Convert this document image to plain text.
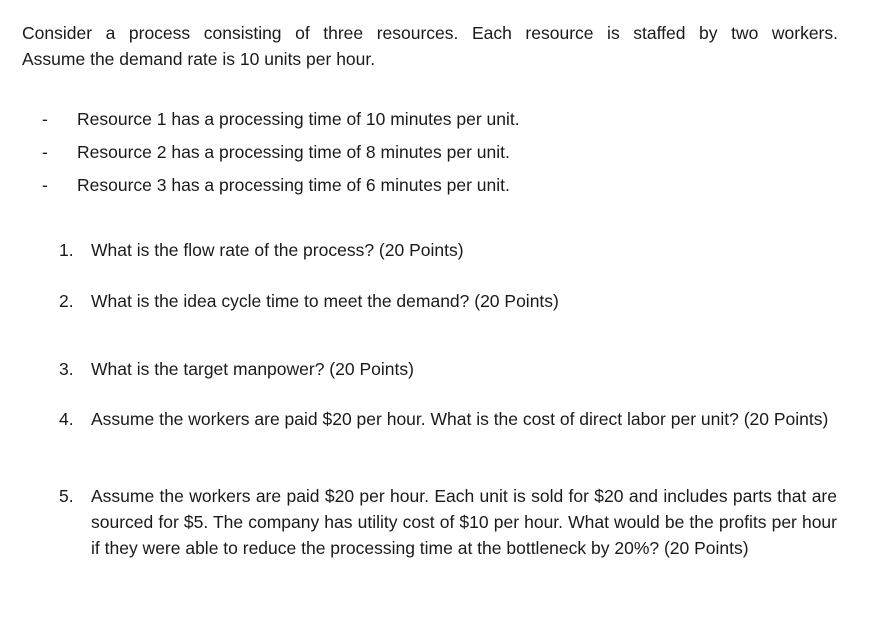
Consider a process consisting of three resources. Each resource is staffed by two workers.
Assume the demand rate is 10 units per hour.
- Resource 1 has a processing time of 10 minutes per unit.
- Resource 2 has a processing time of 8 minutes per unit.
- Resource 3 has a processing time of 6 minutes per unit.
1. What is the flow rate of the process? (20 Points)
2. What is the idea cycle time to meet the demand? (20 Points)
3. What is the target manpower? (20 Points)
4. Assume the workers are paid $20 per hour. What is the cost of direct labor per unit? (20 Points)
5. Assume the workers are paid $20 per hour. Each unit is sold for $20 and includes parts that are sourced for $5. The company has utility cost of $10 per hour. What would be the profits per hour if they were able to reduce the processing time at the bottleneck by 20%? (20 Points)
